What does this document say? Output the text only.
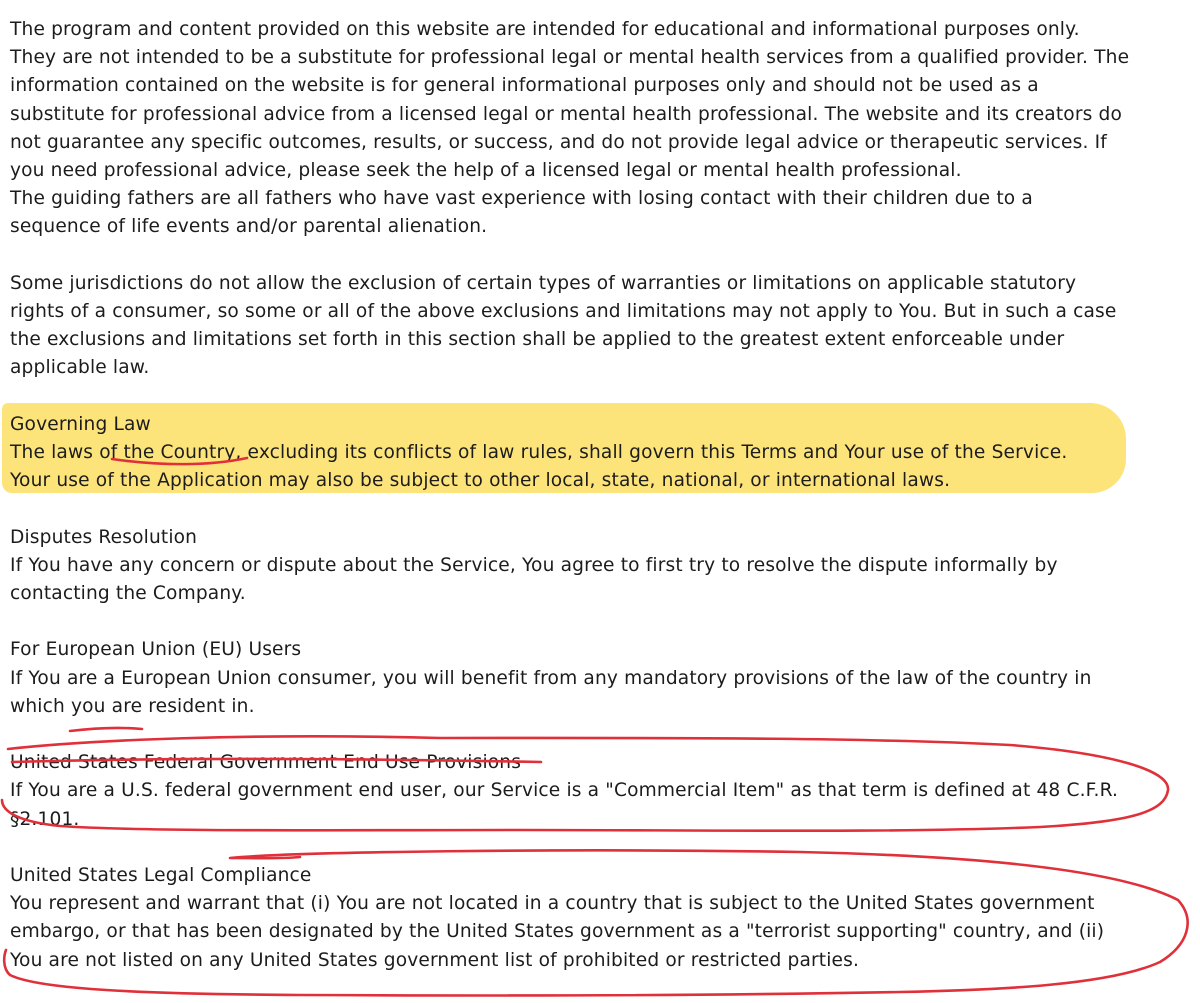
The program and content provided on this website are intended for educational and informational purposes only.
They are not intended to be a substitute for professional legal or mental health services from a qualified provider. The
information contained on the website is for general informational purposes only and should not be used as a
substitute for professional advice from a licensed legal or mental health professional. The website and its creators do
not guarantee any specific outcomes, results, or success, and do not provide legal advice or therapeutic services. If
you need professional advice, please seek the help of a licensed legal or mental health professional.
The guiding fathers are all fathers who have vast experience with losing contact with their children due to a
sequence of life events and/or parental alienation.
Some jurisdictions do not allow the exclusion of certain types of warranties or limitations on applicable statutory
rights of a consumer, so some or all of the above exclusions and limitations may not apply to You. But in such a case
the exclusions and limitations set forth in this section shall be applied to the greatest extent enforceable under
applicable law.
Governing Law
The laws of the Country, excluding its conflicts of law rules, shall govern this Terms and Your use of the Service.
Your use of the Application may also be subject to other local, state, national, or international laws.
Disputes Resolution
If You have any concern or dispute about the Service, You agree to first try to resolve the dispute informally by
contacting the Company.
For European Union (EU) Users
If You are a European Union consumer, you will benefit from any mandatory provisions of the law of the country in
which you are resident in.
United States Federal Government End Use Provisions
If You are a U.S. federal government end user, our Service is a "Commercial Item" as that term is defined at 48 C.F.R.
§2.101.
United States Legal Compliance
You represent and warrant that (i) You are not located in a country that is subject to the United States government
embargo, or that has been designated by the United States government as a "terrorist supporting" country, and (ii)
You are not listed on any United States government list of prohibited or restricted parties.
